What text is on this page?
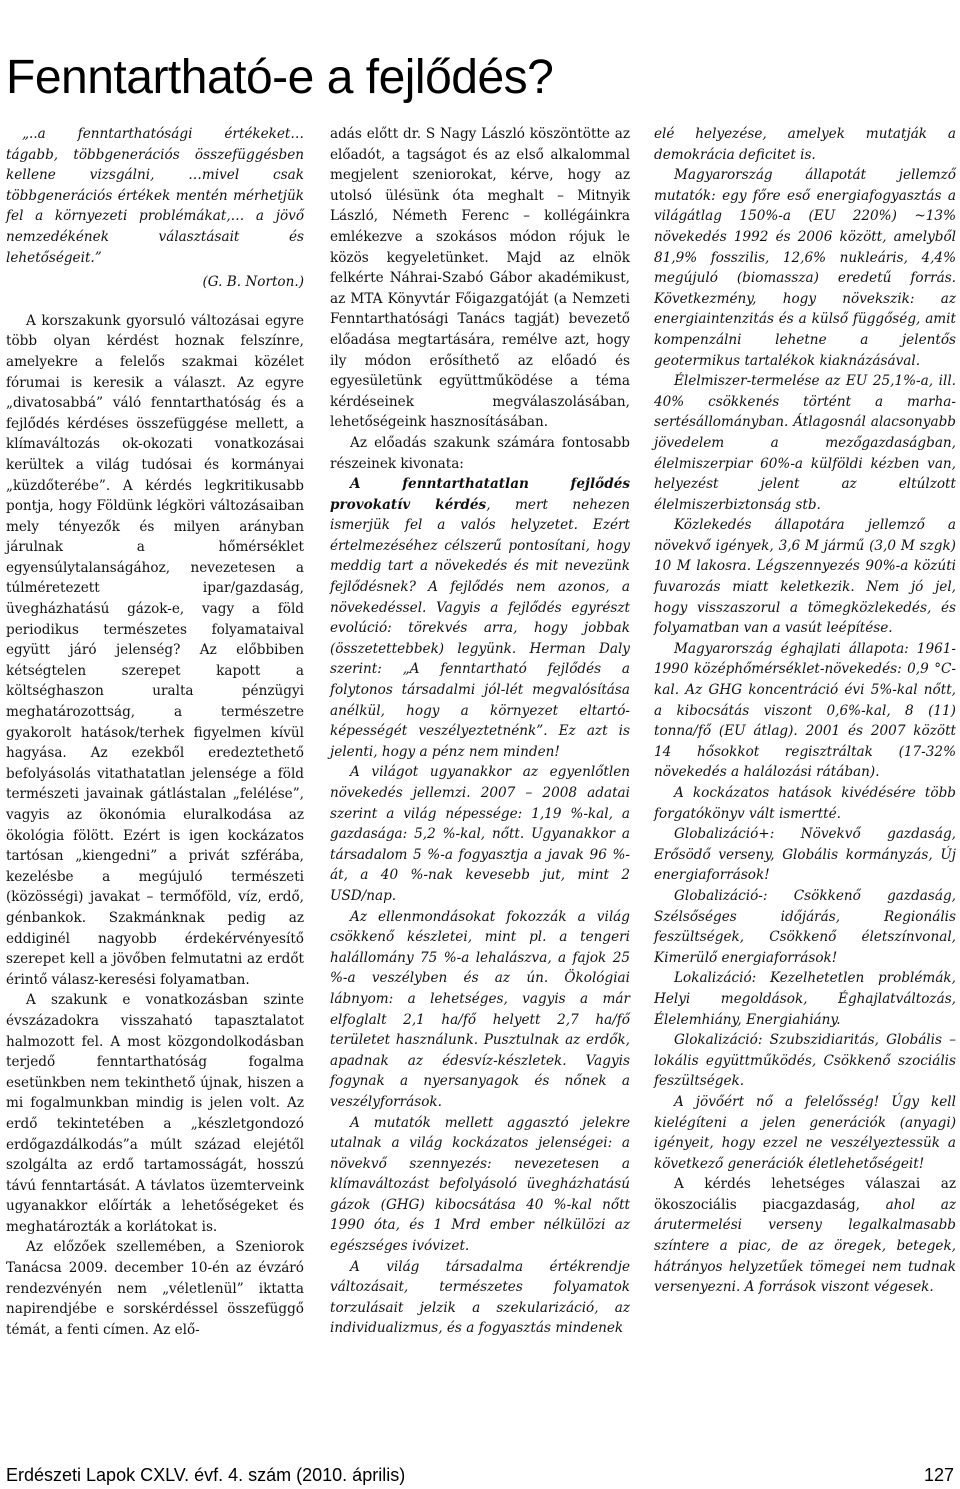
Fenntartható-e a fejlődés?

„..a fenntarthatósági értékeket… tágabb, többgenerációs összefüggésben kellene vizsgálni, …mivel csak többgenerációs értékek mentén mérhetjük fel a környezeti problémákat,… a jövő nemzedékének választásait és lehetőségeit.”

(G. B. Norton.)

A korszakunk gyorsuló változásai egyre több olyan kérdést hoznak felszínre, amelyekre a felelős szakmai közélet fórumai is keresik a választ. Az egyre „divatosabbá” váló fenntarthatóság és a fejlődés kérdéses összefüggése mellett, a klímaváltozás ok-okozati vonatkozásai kerültek a világ tudósai és kormányai „küzdőterébe”. A kérdés legkritikusabb pontja, hogy Földünk légköri változásaiban mely tényezők és milyen arányban járulnak a hőmérséklet egyensúlytalanságához, nevezetesen a túlméretezett ipar/gazdaság, üvegházhatású gázok-e, vagy a föld periodikus természetes folyamataival együtt járó jelenség? Az előbbiben kétségtelen szerepet kapott a költséghaszon uraltа pénzügyi meghatározottság, a természetre gyakorolt hatások/terhek figyelmen kívül hagyása. Az ezekből eredeztethető befolyásolás vitathatatlan jelensége a föld természeti javainak gátlástalan „felélése”, vagyis az ökonómia eluralkodása az ökológia fölött. Ezért is igen kockázatos tartósan „kiengedni” a privát szférába, kezelésbe a megújuló természeti (közösségi) javakat – termőföld, víz, erdő, génbankok. Szakmánknak pedig az eddiginél nagyobb érdekérvényesítő szerepet kell a jövőben felmutatni az erdőt érintő válasz-keresési folyamatban.

A szakunk e vonatkozásban szinte évszázadokra visszaható tapasztalatot halmozott fel. A most közgondolkodásban terjedő fenntarthatóság fogalma esetünkben nem tekinthető újnak, hiszen a mi fogalmunkban mindig is jelen volt. Az erdő tekintetében a „készletgondozó erdőgazdálkodás”a múlt század elejétől szolgálta az erdő tartamosságát, hosszú távú fenntartását. A távlatos üzemterveink ugyanakkor előírták a lehetőségeket és meghatározták a korlátokat is.

Az előzőek szellemében, a Szeniorok Tanácsa 2009. december 10-én az évzáró rendezvényén nem „véletlenül” iktatta napirendjébe e sorskérdéssel összefüggő témát, a fenti címen. Az elő-

adás előtt dr. S Nagy László köszöntötte az előadót, a tagságot és az első alkalommal megjelent szeniorokat, kérve, hogy az utolsó ülésünk óta meghalt – Mitnyik László, Németh Ferenc – kollégáinkra emlékezve a szokásos módon rójuk le közös kegyeletünket. Majd az elnök felkérte Náhrai-Szabó Gábor akadémikust, az MTA Könyvtár Főigazgatóját (a Nemzeti Fenntarthatósági Tanács tagját) bevezető előadása megtartására, remélve azt, hogy ily módon erősíthető az előadó és egyesületünk együttműködése a téma kérdéseinek megválaszolásában, lehetőségeink hasznosításában.

Az előadás szakunk számára fontosabb részeinek kivonata:

A fenntarthatatlan fejlődés provokatív kérdés, mert nehezen ismerjük fel a valós helyzetet. Ezért értelmezéséhez célszerű pontosítani, hogy meddig tart a növekedés és mit nevezünk fejlődésnek? A fejlődés nem azonos, a növekedéssel. Vagyis a fejlődés egyrészt evolúció: törekvés arra, hogy jobbak (összetettebbek) legyünk. Herman Daly szerint: „A fenntartható fejlődés a folytonos társadalmi jól-lét megvalósítása anélkül, hogy a környezet eltartó-képességét veszélyeztetnénk”. Ez azt is jelenti, hogy a pénz nem minden!

A világot ugyanakkor az egyenlőtlen növekedés jellemzi. 2007 – 2008 adatai szerint a világ népessége: 1,19 %-kal, a gazdasága: 5,2 %-kal, nőtt. Ugyanakkor a társadalom 5 %-a fogyasztja a javak 96 %-át, a 40 %-nak kevesebb jut, mint 2 USD/nap.

Az ellenmondásokat fokozzák a világ csökkenő készletei, mint pl. a tengeri halállomány 75 %-a lehalászva, a fajok 25 %-a veszélyben és az ún. Ökológiai lábnyom: a lehetséges, vagyis a már elfoglalt 2,1 ha/fő helyett 2,7 ha/fő területet használunk. Pusztulnak az erdők, apadnak az édesvíz-készletek. Vagyis fogynak a nyersanyagok és nőnek a veszélyforrások.

A mutatók mellett aggasztó jelekre utalnak a világ kockázatos jelenségei: a növekvő szennyezés: nevezetesen a klímaváltozást befolyásoló üvegházhatású gázok (GHG) kibocsátása 40 %-kal nőtt 1990 óta, és 1 Mrd ember nélkülözi az egészséges ivóvizet.

A világ társadalma értékrendje változásait, természetes folyamatok torzulásait jelzik a szekularizáció, az individualizmus, és a fogyasztás mindenek

elé helyezése, amelyek mutatják a demokrácia deficitet is.

Magyarország állapotát jellemző mutatók: egy főre eső energiafogyasztás a világátlag 150%-a (EU 220%) ~13% növekedés 1992 és 2006 között, amelyből 81,9% fosszilis, 12,6% nukleáris, 4,4% megújuló (biomassza) eredetű forrás. Következmény, hogy növekszik: az energiaintenzitás és a külső függőség, amit kompenzálni lehetne a jelentős geotermikus tartalékok kiaknázásával.

Élelmiszer-termelése az EU 25,1%-a, ill. 40% csökkenés történt a marha- sertésállományban. Átlagosnál alacsonyabb jövedelem a mezőgazdaságban, élelmiszerpiar 60%-a külföldi kézben van, helyezést jelent az eltúlzott élelmiszerbiztonság stb.

Közlekedés állapotára jellemző a növekvő igények, 3,6 M jármű (3,0 M szgk) 10 M lakosra. Légszennyezés 90%-a közúti fuvarozás miatt keletkezik. Nem jó jel, hogy visszaszorul a tömegközlekedés, és folyamatban van a vasút leépítése.

Magyarország éghajlati állapota: 1961-1990 középhőmérséklet-növekedés: 0,9 °C-kal. Az GHG koncentráció évi 5%-kal nőtt, a kibocsátás viszont 0,6%-kal, 8 (11) tonna/fő (EU átlag). 2001 és 2007 között 14 hősokkot regisztráltak (17-32% növekedés a halálozási rátában).

A kockázatos hatások kivédésére több forgatókönyv vált ismertté.

Globalizáció+: Növekvő gazdaság, Erősödő verseny, Globális kormányzás, Új energiaforrások!

Globalizáció-: Csökkenő gazdaság, Szélsőséges időjárás, Regionális feszültségek, Csökkenő életszínvonal, Kimerülő energiaforrások!

Lokalizáció: Kezelhetetlen problémák, Helyi megoldások, Éghajlatváltozás, Élelemhiány, Energiahiány.

Glokalizáció: Szubszidiaritás, Globális – lokális együttműködés, Csökkenő szociális feszültségek.

A jövőért nő a felelősség! Úgy kell kielégíteni a jelen generációk (anyagi) igényeit, hogy ezzel ne veszélyeztessük a következő generációk életlehetőségeit!

A kérdés lehetséges válaszai az ökoszociális piacgazdaság, ahol az árutermelési verseny legalkalmasabb színtere a piac, de az öregek, betegek, hátrányos helyzetűek tömegei nem tudnak versenyezni. A források viszont végesek.

Erdészeti Lapok CXLV. évf. 4. szám (2010. április)	127
